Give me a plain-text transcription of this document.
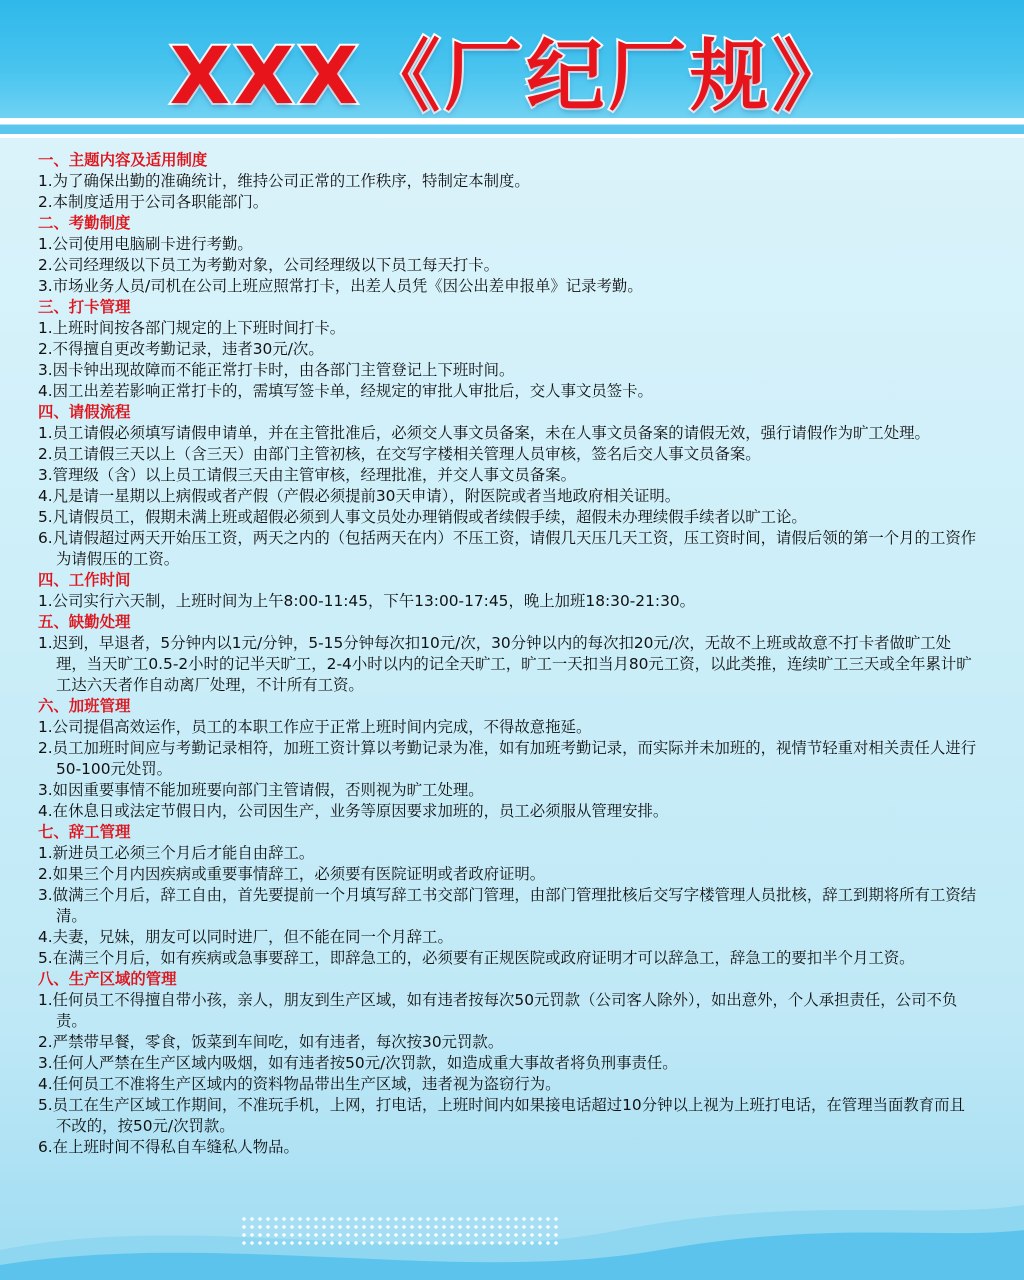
XXX《厂纪厂规》

一、主题内容及适用制度

1.为了确保出勤的准确统计，维持公司正常的工作秩序，特制定本制度。

2.本制度适用于公司各职能部门。

二、考勤制度

1.公司使用电脑刷卡进行考勤。

2.公司经理级以下员工为考勤对象，公司经理级以下员工每天打卡。

3.市场业务人员/司机在公司上班应照常打卡，出差人员凭《因公出差申报单》记录考勤。

三、打卡管理

1.上班时间按各部门规定的上下班时间打卡。

2.不得擅自更改考勤记录，违者30元/次。

3.因卡钟出现故障而不能正常打卡时，由各部门主管登记上下班时间。

4.因工出差若影响正常打卡的，需填写签卡单，经规定的审批人审批后，交人事文员签卡。

四、请假流程

1.员工请假必须填写请假申请单，并在主管批准后，必须交人事文员备案，未在人事文员备案的请假无效，强行请假作为旷工处理。

2.员工请假三天以上（含三天）由部门主管初核，在交写字楼相关管理人员审核，签名后交人事文员备案。

3.管理级（含）以上员工请假三天由主管审核，经理批准，并交人事文员备案。

4.凡是请一星期以上病假或者产假（产假必须提前30天申请），附医院或者当地政府相关证明。

5.凡请假员工，假期未满上班或超假必须到人事文员处办理销假或者续假手续，超假未办理续假手续者以旷工论。

6.凡请假超过两天开始压工资，两天之内的（包括两天在内）不压工资，请假几天压几天工资，压工资时间，请假后领的第一个月的工资作为请假压的工资。

四、工作时间

1.公司实行六天制，上班时间为上午8:00-11:45，下午13:00-17:45，晚上加班18:30-21:30。

五、缺勤处理

1.迟到，早退者，5分钟内以1元/分钟，5-15分钟每次扣10元/次，30分钟以内的每次扣20元/次，无故不上班或故意不打卡者做旷工处理，当天旷工0.5-2小时的记半天旷工，2-4小时以内的记全天旷工，旷工一天扣当月80元工资，以此类推，连续旷工三天或全年累计旷工达六天者作自动离厂处理，不计所有工资。

六、加班管理

1.公司提倡高效运作，员工的本职工作应于正常上班时间内完成，不得故意拖延。

2.员工加班时间应与考勤记录相符，加班工资计算以考勤记录为准，如有加班考勤记录，而实际并未加班的，视情节轻重对相关责任人进行50-100元处罚。

3.如因重要事情不能加班要向部门主管请假，否则视为旷工处理。

4.在休息日或法定节假日内，公司因生产，业务等原因要求加班的，员工必须服从管理安排。

七、辞工管理

1.新进员工必须三个月后才能自由辞工。

2.如果三个月内因疾病或重要事情辞工，必须要有医院证明或者政府证明。

3.做满三个月后，辞工自由，首先要提前一个月填写辞工书交部门管理，由部门管理批核后交写字楼管理人员批核，辞工到期将所有工资结清。

4.夫妻，兄妹，朋友可以同时进厂，但不能在同一个月辞工。

5.在满三个月后，如有疾病或急事要辞工，即辞急工的，必须要有正规医院或政府证明才可以辞急工，辞急工的要扣半个月工资。

八、生产区域的管理

1.任何员工不得擅自带小孩，亲人，朋友到生产区域，如有违者按每次50元罚款（公司客人除外），如出意外，个人承担责任，公司不负责。

2.严禁带早餐，零食，饭菜到车间吃，如有违者，每次按30元罚款。

3.任何人严禁在生产区域内吸烟，如有违者按50元/次罚款，如造成重大事故者将负刑事责任。

4.任何员工不准将生产区域内的资料物品带出生产区域，违者视为盗窃行为。

5.员工在生产区域工作期间，不准玩手机，上网，打电话，上班时间内如果接电话超过10分钟以上视为上班打电话，在管理当面教育而且不改的，按50元/次罚款。

6.在上班时间不得私自车缝私人物品。
